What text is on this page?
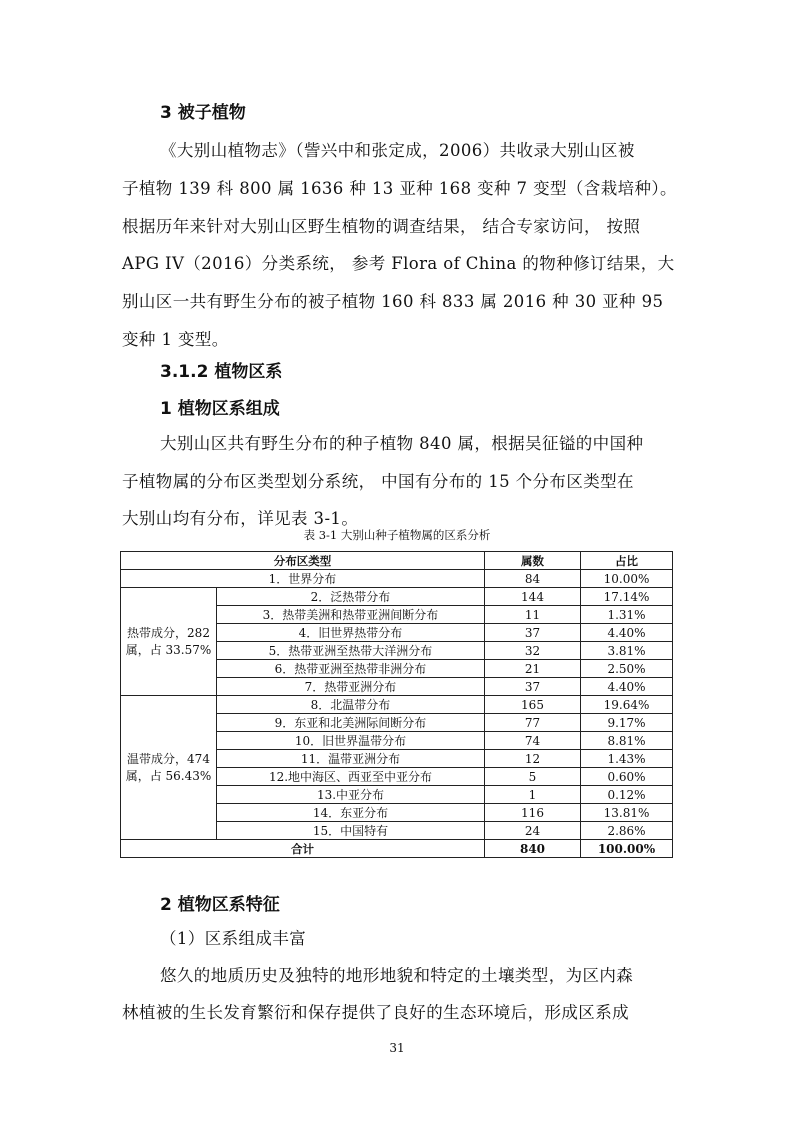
3 被子植物

《大别山植物志》（訾兴中和张定成，2006）共收录大别山区被

子植物 139 科 800 属 1636 种 13 亚种 168 变种 7 变型（含栽培种）。

根据历年来针对大别山区野生植物的调查结果， 结合专家访问， 按照

APG IV（2016）分类系统， 参考 Flora of China 的物种修订结果，大

别山区一共有野生分布的被子植物 160 科 833 属 2016 种 30 亚种 95

变种 1 变型。

3.1.2 植物区系
1 植物区系组成

大别山区共有野生分布的种子植物 840 属，根据吴征镒的中国种

子植物属的分布区类型划分系统， 中国有分布的 15 个分布区类型在

大别山均有分布，详见表 3-1。

表 3-1 大别山种子植物属的区系分析

分布区类型		属数	占比
1．世界分布		84	10.00%
热带成分，282 属，占 33.57%	2．泛热带分布	144	17.14%
	3．热带美洲和热带亚洲间断分布	11	1.31%
	4．旧世界热带分布	37	4.40%
	5．热带亚洲至热带大洋洲分布	32	3.81%
	6．热带亚洲至热带非洲分布	21	2.50%
	7．热带亚洲分布	37	4.40%
温带成分，474 属，占 56.43%	8．北温带分布	165	19.64%
	9．东亚和北美洲际间断分布	77	9.17%
	10．旧世界温带分布	74	8.81%
	11．温带亚洲分布	12	1.43%
	12.地中海区、西亚至中亚分布	5	0.60%
	13.中亚分布	1	0.12%
	14．东亚分布	116	13.81%
	15．中国特有	24	2.86%
合计		840	100.00%
2 植物区系特征

（1）区系组成丰富

悠久的地质历史及独特的地形地貌和特定的土壤类型，为区内森

林植被的生长发育繁衍和保存提供了良好的生态环境后，形成区系成

31
